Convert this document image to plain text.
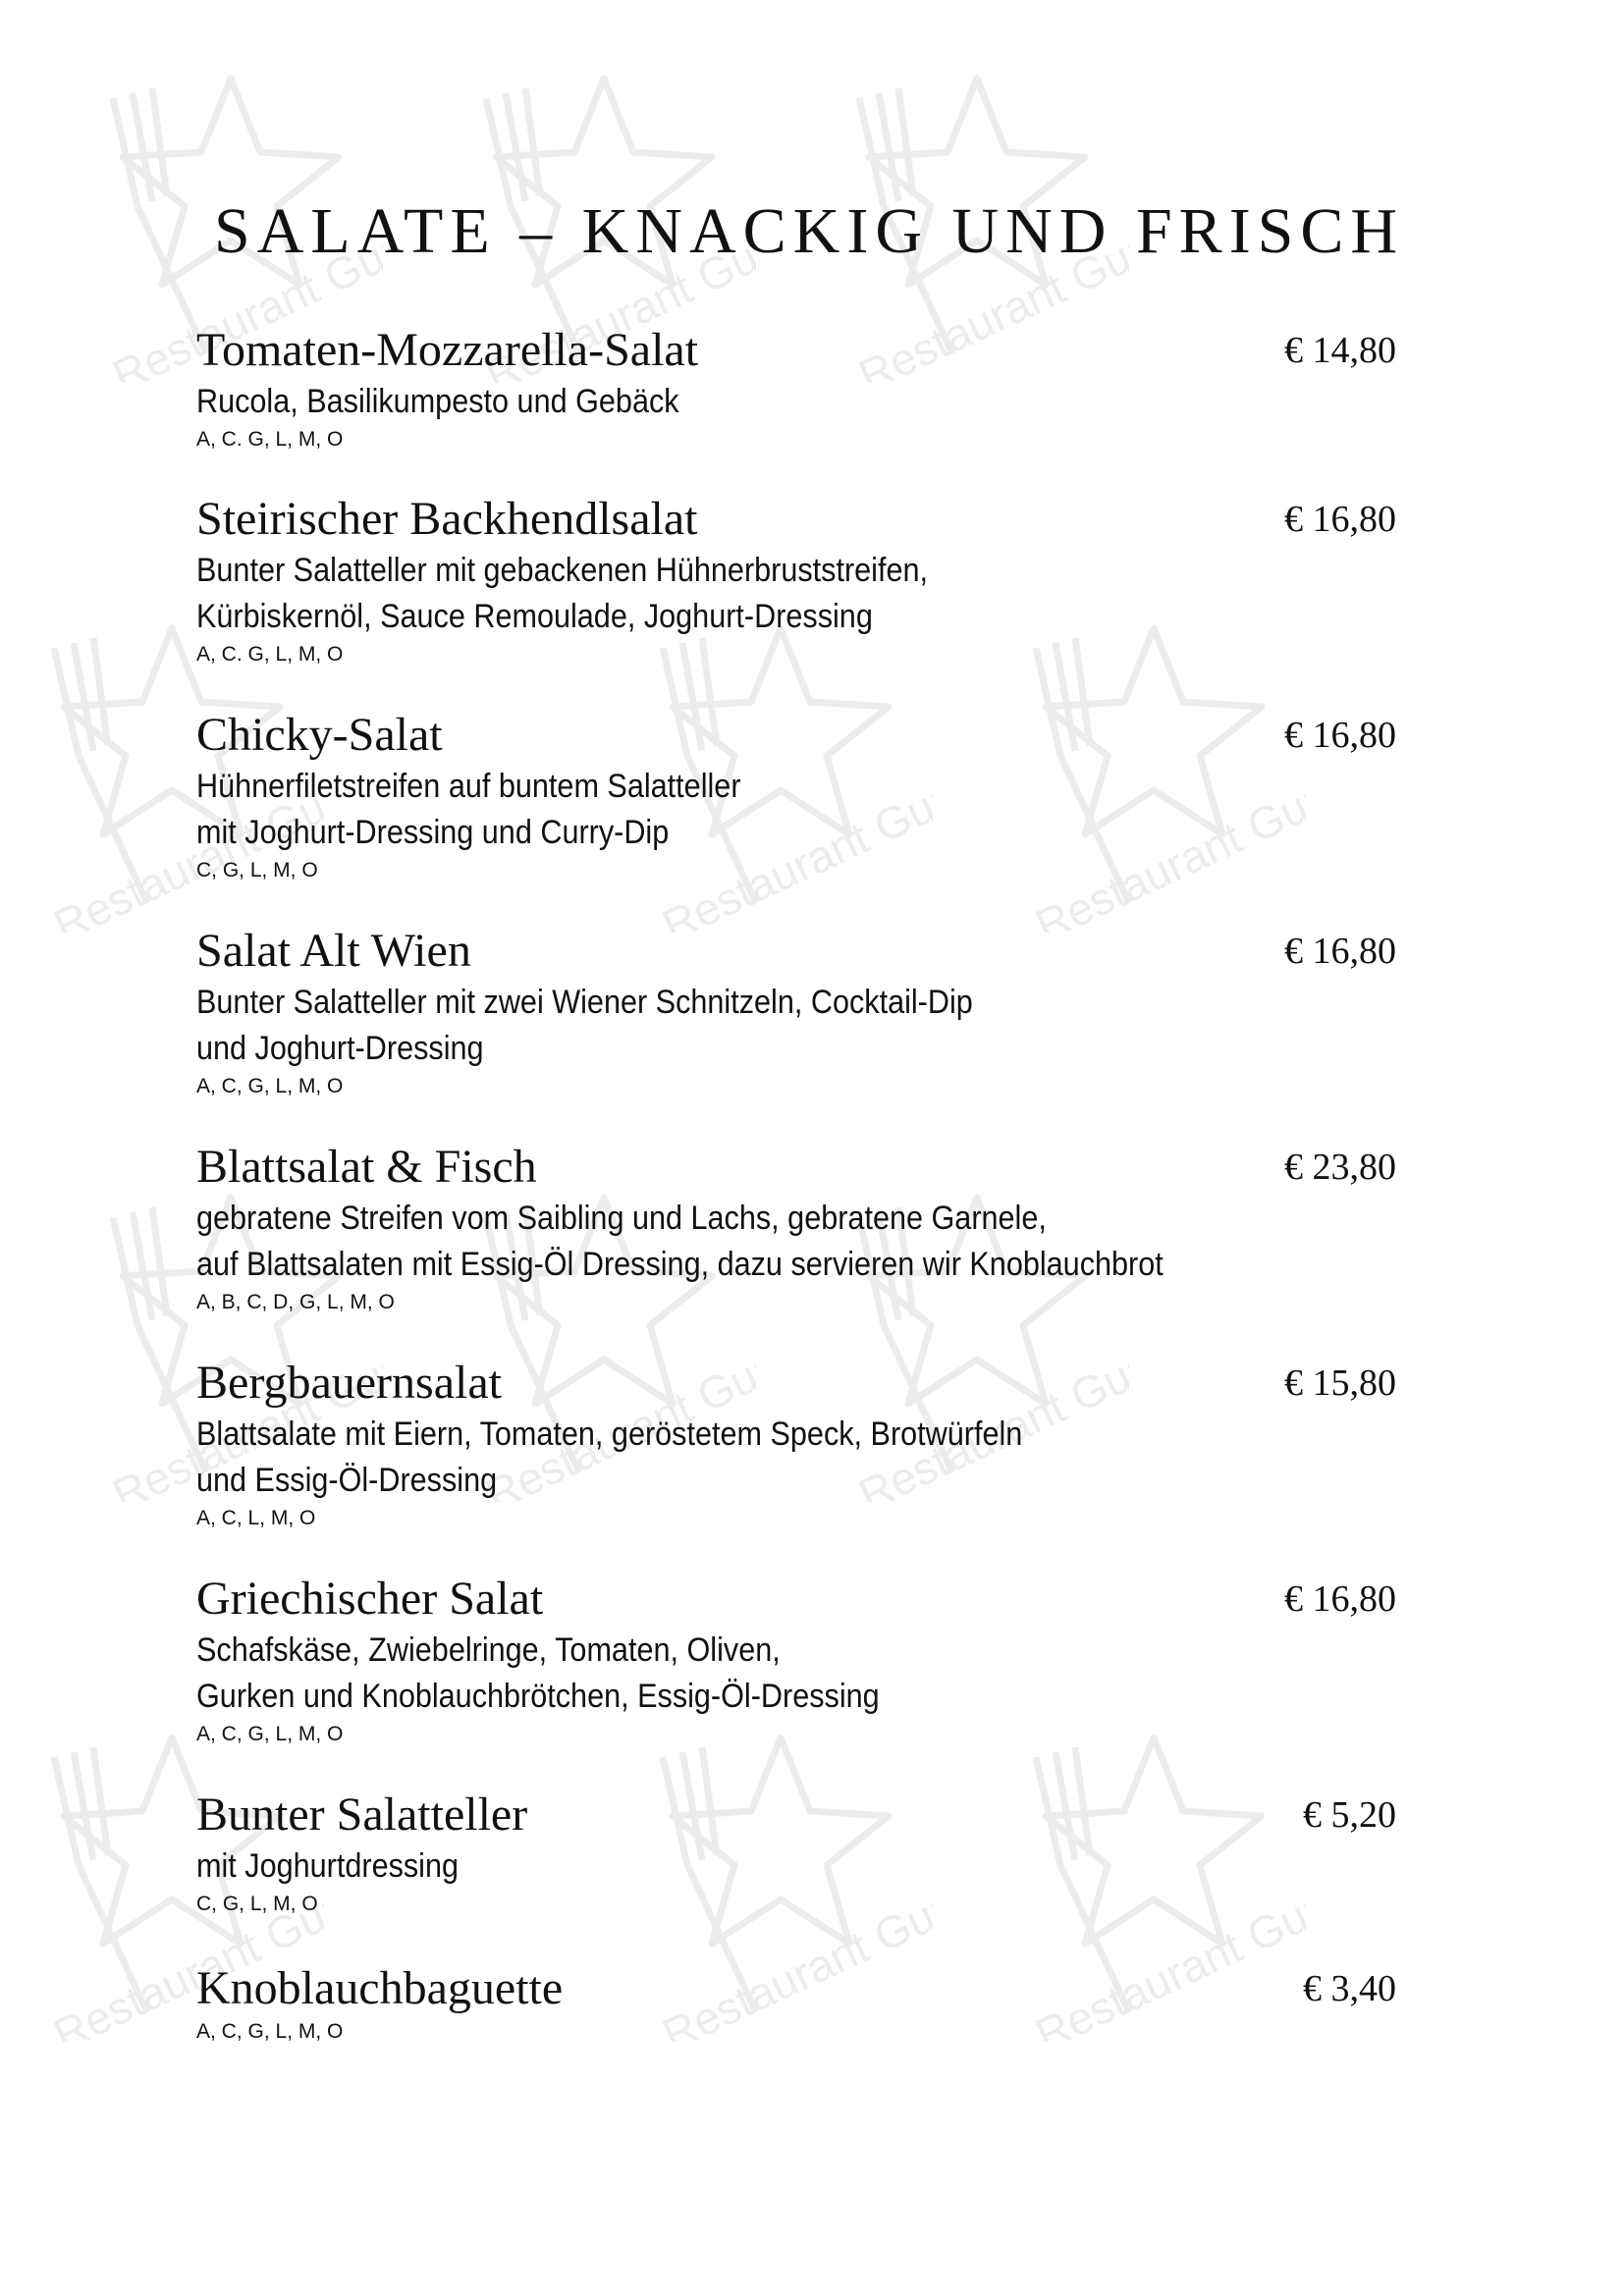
Restaurant Guru
Restaurant Guru
Restaurant Guru
Restaurant Guru
Restaurant Guru
Restaurant Guru
Restaurant Guru
Restaurant Guru
Restaurant Guru
Restaurant Guru
Restaurant Guru
Restaurant Guru
SALATE – KNACKIG UND FRISCH
Tomaten-Mozzarella-Salat	€ 14,80
Rucola, Basilikumpesto und Gebäck
A, C. G, L, M, O
Steirischer Backhendlsalat	€ 16,80
Bunter Salatteller mit gebackenen Hühnerbruststreifen,
Kürbiskernöl, Sauce Remoulade, Joghurt-Dressing
A, C. G, L, M, O
Chicky-Salat	€ 16,80
Hühnerfiletstreifen auf buntem Salatteller
mit Joghurt-Dressing und Curry-Dip
C, G, L, M, O
Salat Alt Wien	€ 16,80
Bunter Salatteller mit zwei Wiener Schnitzeln, Cocktail-Dip
und Joghurt-Dressing
A, C, G, L, M, O
Blattsalat & Fisch	€ 23,80
gebratene Streifen vom Saibling und Lachs, gebratene Garnele,
auf Blattsalaten mit Essig-Öl Dressing, dazu servieren wir Knoblauchbrot
A, B, C, D, G, L, M, O
Bergbauernsalat	€ 15,80
Blattsalate mit Eiern, Tomaten, geröstetem Speck, Brotwürfeln
und Essig-Öl-Dressing
A, C, L, M, O
Griechischer Salat	€ 16,80
Schafskäse, Zwiebelringe, Tomaten, Oliven,
Gurken und Knoblauchbrötchen, Essig-Öl-Dressing
A, C, G, L, M, O
Bunter Salatteller	€ 5,20
mit Joghurtdressing
C, G, L, M, O
Knoblauchbaguette	€ 3,40
A, C, G, L, M, O
